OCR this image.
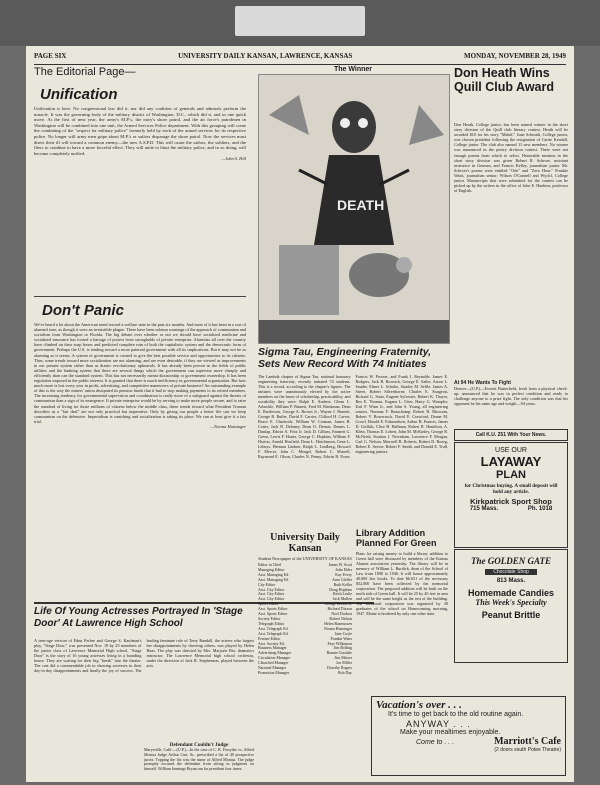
PAGE SIX	UNIVERSITY DAILY KANSAN, LAWRENCE, KANSAS	MONDAY, NOVEMBER 28, 1949
The Editorial Page—
Unification
Unification is here. No congressional law did it, nor did any coalition of generals and admirals perform the miracle. It was the governing body of the military district of Washington, D.C., which did it, and in one quick move. At the first of next year, the army's M.P.'s, the navy's shore patrol, and the air force's patrolmen in Washington will be combined into one unit, the Armed Services Police department. With this grouping will come the combining of the "respect for military police" formerly held by each of the armed services for its respective police. No longer will army men gripe about M.P.'s or sailors disparage the shore patrol. Now the services must direct their ill will toward a common enemy—the new A.S.P.D. This will cause the sailors, the soldiers, and the fliers to combine to have a more forceful effect. They will unite to blast the military police, and in so doing, will become completely unified.
—John S. Hill
Don't Panic
We've heard a lot about the American trend toward a welfare state in the past six months. And most of it has been in a sort of alarmed tone, as though it were an irresistible plague. There have been solemn warnings of the approach of communism and socialism from Washington to Florida. The big debate over whether or not we should have socialized medicine and socialized insurance has loosed a barrage of protest from strongholds of private enterprise. Alarmists all over the country have climbed on their soap boxes and predicted complete ruin of both the capitalistic system and the democratic form of government. Perhaps the U.S. is tending toward a more paternal government with all its implications. But it may not be as alarming as it seems. A system of government is created to give the best possible service and opportunities to its citizens. Thus, some trends toward more socialization are not alarming, and are even desirable, if they are viewed as improvements in our present system rather than as drastic revolutionary upheavals. It has already been proven in the fields of public utilities and the banking system that there are several things which the government can supervise more cheaply and efficiently than can the standard system. This has not necessarily meant dictatorship or government ownership. It has been regulation imposed in the public interest. It is granted that there is much inefficiency in governmental organization. But how much more is lost every year in profit, advertising, and competitive maneuvers of private business? An outstanding example of this is the way the miners' union dissipated its pension funds that it had to stop making payments to its retired members. The increasing tendency for governmental supervision and coordination is really more of a safeguard against the threats of communism than a sign of its emergence. If private enterprise would be by serving to make more people secure, and to raise the standard of living for those millions of citizens below the middle class, these trends toward what President Truman describes as a "fair deal" are not only practical but imperative. Only by giving our people a better life can we keep communism on the defensive. Imperialism is vanishing and socialization is taking its place. We can at least give it a fair trial.
—Norma Hunsinger
The Winner
DEATH
Sigma Tau, Engineering Fraternity, Sets New Record With 74 Initiates
The Lambda chapter of Sigma Tau, national honorary engineering fraternity, recently initiated 74 students. This is a record, according to the chapter's figures. The initiates were unanimously elected by the active members on the bases of scholarship, practicability, and sociability they were: Ralph E. Andrew, Glenn L. Arbuckle, William P. Barnett, Fred M. Brinkman, Dean E. Broderson, George A. Brown Jr., Wayne J. Burnett, George R. Butler, David F. Carrier, Clifford H. Carver, Bruce E. Chadwick, William W. Corman, James B. Cotter, Jack R. Delaney, Dean O. Dennis, Dennis L. Dunlap, Edwin A. Fritz Jr. Jack D. Gillum, Emmett G. Green, Lewis F. Hanes, George C. Hopkins, William F. Horton, Arnold Hosfield, Dean L. Hutchinson, Gene L. Lebuys, Herman Lindner, Ralph L. Lindberg, Howard F. Mercer, John C. Mengel, Robert C. Murrell, Raymond E. Olson, Charles N. Penny, Edwin B. Powe, Francis W. Prosser, and Frank J. Reynolds. James E. Rodgers, Jack R. Rowsick, George E. Sailer, Aaron L. Sauder, Elmer L. Schultz, Stanley M. Seffle, James A. Street, Robert Silverthorne, Charles E. Sturgeon, Richard G. Stutz, Eugene Sylvester, Robert K. Thayer, Rex E. Thomas, Eugene L. Utter, Harry G. Wampler, Earl F. Winn Jr., and John S. Young, all engineering seniors. Norman F. Beauchamp, Robert B. Bloxsom, Robert V. Bowersock, David E. Crawford, Deane M. Crowl, Harold E. Edmondson, Arthur B. Francis, James D. Griffith, Clive B. Hallman, Robert R. Hamilton, A. Klein, Thomas E. Lobert, John M. McKinley, George R. McNeish, Stratton J. Newnham, Lawrence F. Morgan, Carl G. Nelson, Maxwell B. Roberts, Robert D. Rozeg, Robert E. Seever, Robert F. Smith, and Donald E. Trull, engineering juniors.
Library Addition Planned For Green
Plans for raising money to build a library addition to Green hall were discussed by members of the Kansas Alumni association yesterday. The library will be in memory of William L. Burdick, dean of the School of Law from 1898 to 1946. It will house approximately 40,000 law books. To date $6,651 of the necessary $32,000 have been collected by the memorial corporation. The proposed addition will be built on the north side of Green hall. It will be 25 by 40 feet in area and will be the same height as the rest of the building. The memorial corporation was organized by 30 graduates of the school on Homecoming morning, 1947. Maine is bordered by only one other state.
University Daily Kansan
Student Newspaper of the UNIVERSITY OF KANSAS
Editor in Chief	James W. Scott
Managing Editor	John Elder
Asst. Managing Ed.	Kay Every
Asst. Managing Ed.	Arno Gfeller
City Editor	Ruth Keller
Asst. City Editor	Doug Hopkins
Asst. City Editor	Keith Leslie
Asst. City Editor	Jack Mullen
Sports Editor	George Brown Jr.
Asst. Sports Editor	Richard Dixson
Asst. Sports Editor	Noel Dodson
Society Editor	Robert Nelson
Telegraph Editor	Helen Rasmussen
Asst. Telegraph Ed.	Norma Hunsinger
Asst. Telegraph Ed.	Jane Coyle
Feature Editor	Frankie Watts
Asst. Society Ed.	Faye Wilkinson
Business Manager	Jim Bolling
Advertising Manager	Bonnie Goodale
Circulation Manager	Jim Meiser
Classified Manager	Joe Miller
National Manager	Dorothy Rogers
Promotion Manager	Bob Day
Don Heath Wins Quill Club Award
Don Heath, College junior, has been named winner in the short story division of the Quill club literary contest. Heath will be awarded $10 for his story "Mabel." June Schmidt, College junior, was chosen president following the resignation of Carrie Kendall, College junior. The club also named 11 new members. No winner was announced in the poetry division contest. There were not enough poems from which to select. Honorable mention in the short story division was given Robert R. Schroer, assistant instructor in German, and Francis Kelley, journalism junior. Mr. Schroer's poems were entitled "Ode" and "Zero Hour." Frankie Watts, journalism senior; Wilson O'Connell and Wyclif, College junior. Manuscripts that were submitted for the contest can be picked up by the writers in the office of John E. Hankins, professor of English.
At 94 He Wants To Fight
Denver—(U.P.)—Everett Butterfield, fresh from a physical check-up, announced that he was in perfect condition and ready to challenge anyone to a prize fight. The only condition was that his opponent be his same age and weight—94 years.
Call K.U. 251 With Your News.
USE OUR
LAYAWAY
PLAN
for Christmas buying. A small deposit will hold any article.
Kirkpatrick Sport Shop
715 Mass.	Ph. 1018
The GOLDEN GATE
Chocolate Shop
813 Mass.
Homemade Candies
This Week's Specialty
Peanut Brittle
Vacation's over . . .
It's time to get back to the old routine again.
ANYWAY . . .
Make your mealtimes enjoyable.
Come to . . .	Marriott's Cafe
(2 doors south Potee Theatre)
Life Of Young Actresses Portrayed In 'Stage Door' At Lawrence High School
A teen-age version of Edna Ferber and George S. Kaufman's play, "Stage Door," was presented Nov. 19 by 25 members of the junior class of Lawrence Memorial High school. "Stage Door" is the story of 16 young actresses living in a boarding house. They are waiting for their big "break" into the theater. The cast did a commendable job in showing actresses in their day-to-day disappointments and finally the joy of success. The leading feminine role of Terry Randall, the actress who forgets her disappointments by cheering others, was played by Helen Haas. The play was directed by Mrs. Marjorie Bix, dramatics instructor. The Lawrence Memorial high school orchestra, under the direction of Jack R. Stephenson, played between the acts.
Defendant Couldn't Judge
Marysville, Calif.—(U.P.)—In the case of C. B. Forsythe vs. Alfred Montsa Judge Arthur Cutt, Sr., prescribed a list of 40 prospective jurors. Topping the list was the name of Alfred Montsa. The judge promptly excused the defendant from sitting in judgment on himself. William Jennings Bryan ran for president four times.
